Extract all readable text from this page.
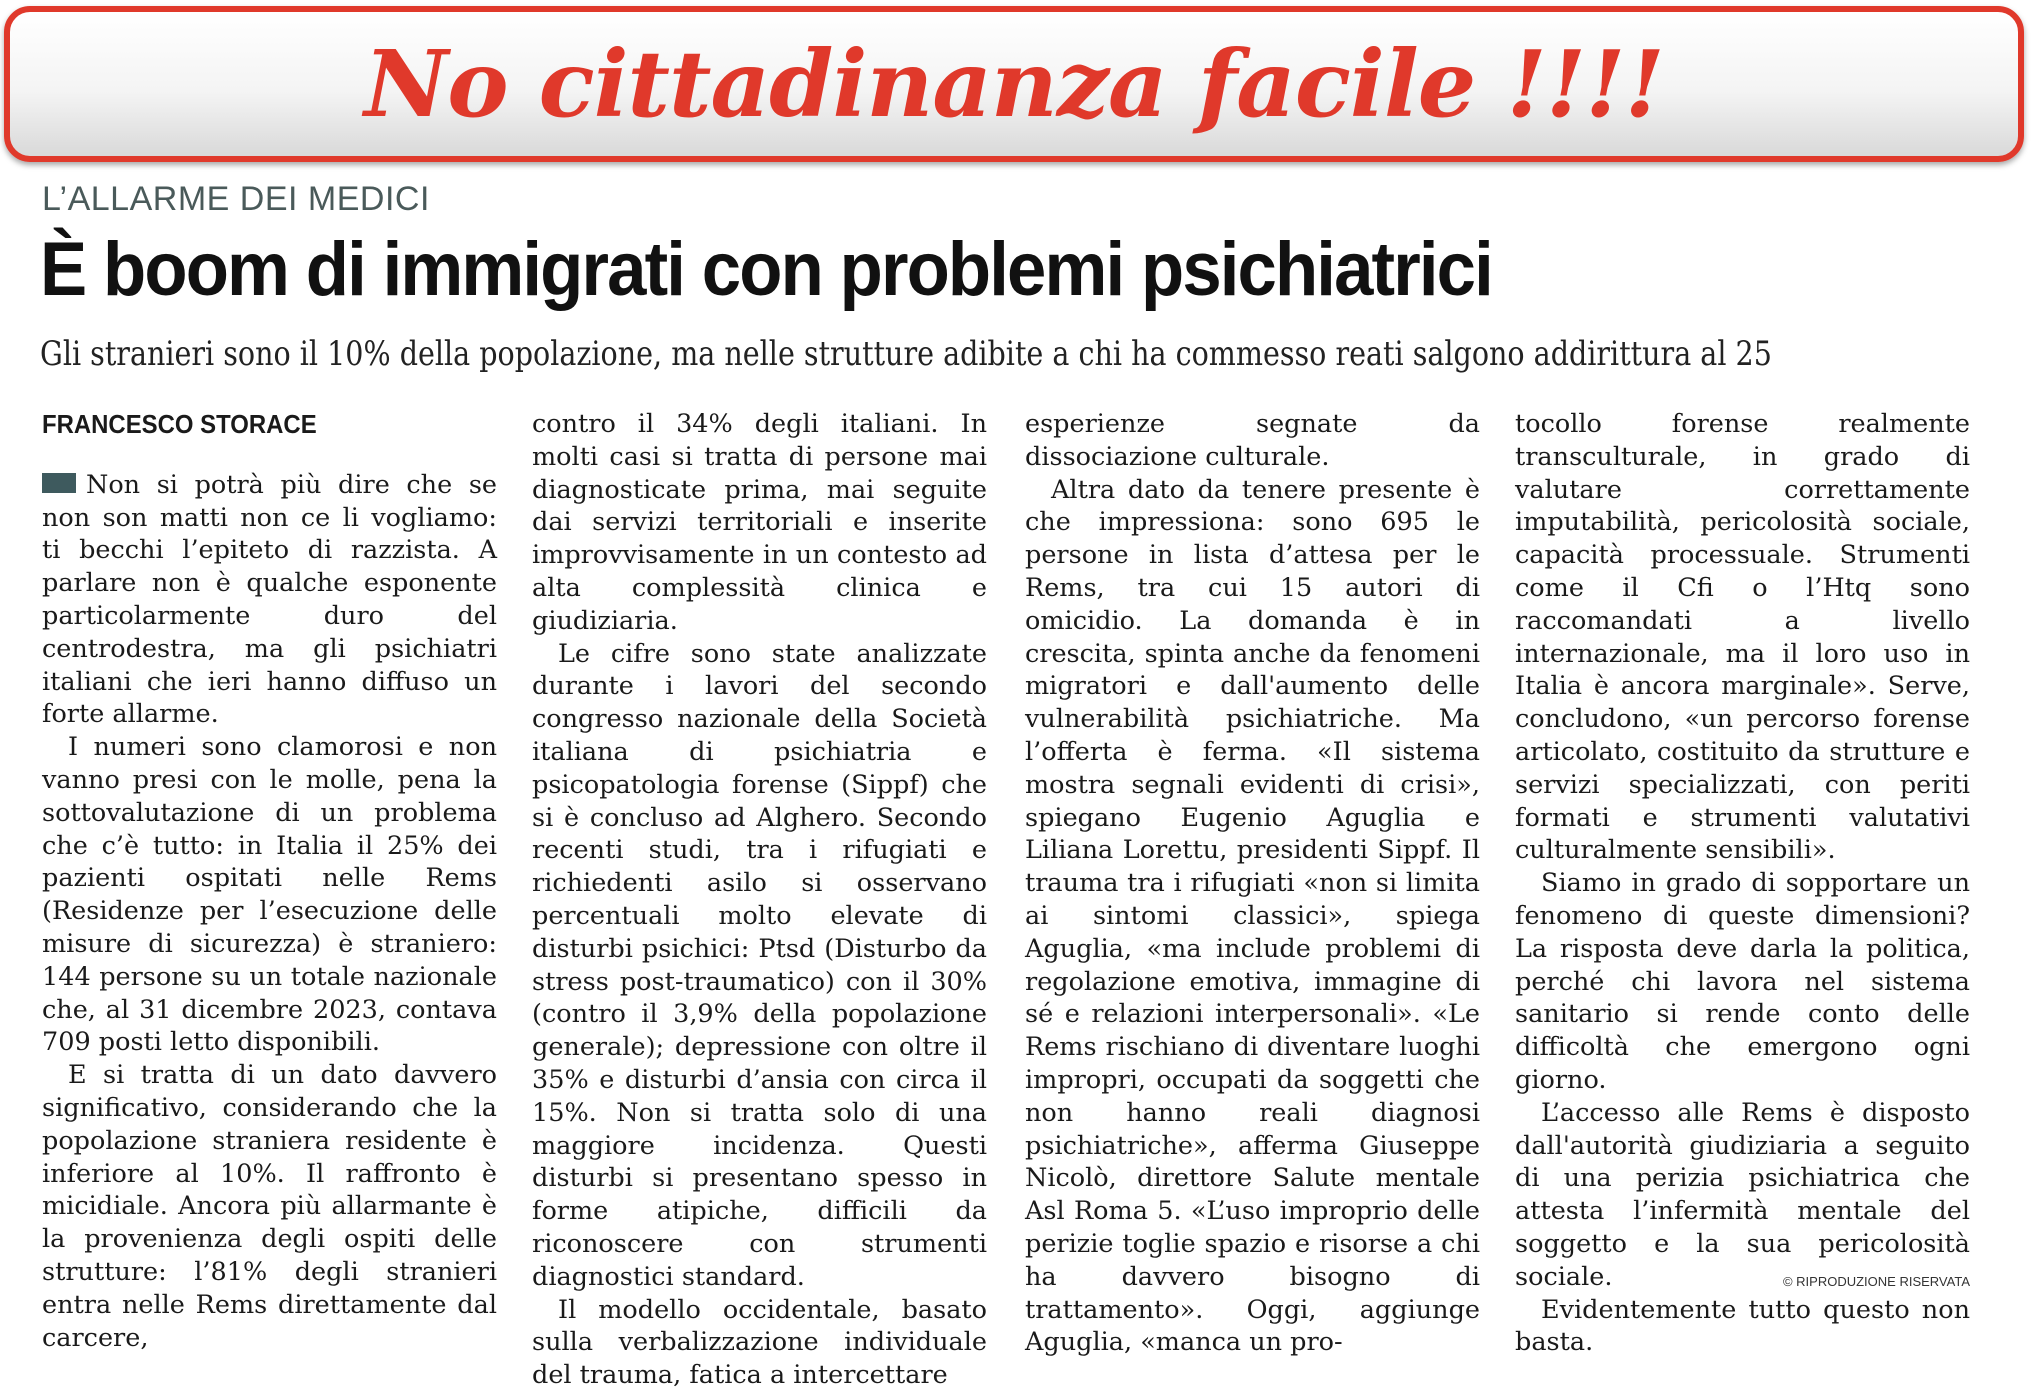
No cittadinanza facile !!!!
L’ALLARME DEI MEDICI
È boom di immigrati con problemi psichiatrici
Gli stranieri sono il 10% della popolazione, ma nelle strutture adibite a chi ha commesso reati salgono addirittura al 25
FRANCESCO STORACE

Non si potrà più dire che se non son matti non ce li vogliamo: ti becchi l’epiteto di razzista. A parlare non è qualche esponente particolarmente duro del centrodestra, ma gli psichiatri italiani che ieri hanno diffuso un forte allarme.

I numeri sono clamorosi e non vanno presi con le molle, pena la sottovalutazione di un problema che c’è tutto: in Italia il 25% dei pazienti ospitati nelle Rems (Residenze per l’esecuzione delle misure di sicurezza) è straniero: 144 persone su un totale nazionale che, al 31 dicembre 2023, contava 709 posti letto disponibili.

E si tratta di un dato davvero significativo, considerando che la popolazione straniera residente è inferiore al 10%. Il raffronto è micidiale. Ancora più allarmante è la provenienza degli ospiti delle strutture: l’81% degli stranieri entra nelle Rems direttamente dal carcere,

contro il 34% degli italiani. In molti casi si tratta di persone mai diagnosticate prima, mai seguite dai servizi territoriali e inserite improvvisamente in un contesto ad alta complessità clinica e giudiziaria.

Le cifre sono state analizzate durante i lavori del secondo congresso nazionale della Società italiana di psichiatria e psicopatologia forense (Sippf) che si è concluso ad Alghero. Secondo recenti studi, tra i rifugiati e richiedenti asilo si osservano percentuali molto elevate di disturbi psichici: Ptsd (Disturbo da stress post-traumatico) con il 30% (contro il 3,9% della popolazione generale); depressione con oltre il 35% e disturbi d’ansia con circa il 15%. Non si tratta solo di una maggiore incidenza. Questi disturbi si presentano spesso in forme atipiche, difficili da riconoscere con strumenti diagnostici standard.

Il modello occidentale, basato sulla verbalizzazione individuale del trauma, fatica a intercettare

esperienze segnate da dissociazione culturale.

Altra dato da tenere presente è che impressiona: sono 695 le persone in lista d’attesa per le Rems, tra cui 15 autori di omicidio. La domanda è in crescita, spinta anche da fenomeni migratori e dall'aumento delle vulnerabilità psichiatriche. Ma l’offerta è ferma. «Il sistema mostra segnali evidenti di crisi», spiegano Eugenio Aguglia e Liliana Lorettu, presidenti Sippf. Il trauma tra i rifugiati «non si limita ai sintomi classici», spiega Aguglia, «ma include problemi di regolazione emotiva, immagine di sé e relazioni interpersonali». «Le Rems rischiano di diventare luoghi impropri, occupati da soggetti che non hanno reali diagnosi psichiatriche», afferma Giuseppe Nicolò, direttore Salute mentale Asl Roma 5. «L’uso improprio delle perizie toglie spazio e risorse a chi ha davvero bisogno di trattamento». Oggi, aggiunge Aguglia, «manca un pro-

tocollo forense realmente transculturale, in grado di valutare correttamente imputabilità, pericolosità sociale, capacità processuale. Strumenti come il Cfi o l’Htq sono raccomandati a livello internazionale, ma il loro uso in Italia è ancora marginale». Serve, concludono, «un percorso forense articolato, costituito da strutture e servizi specializzati, con periti formati e strumenti valutativi culturalmente sensibili».

Siamo in grado di sopportare un fenomeno di queste dimensioni? La risposta deve darla la politica, perché chi lavora nel sistema sanitario si rende conto delle difficoltà che emergono ogni giorno.

L’accesso alle Rems è disposto dall'autorità giudiziaria a seguito di una perizia psichiatrica che attesta l’infermità mentale del soggetto e la sua pericolosità sociale.

Evidentemente tutto questo non basta.

© RIPRODUZIONE RISERVATA
